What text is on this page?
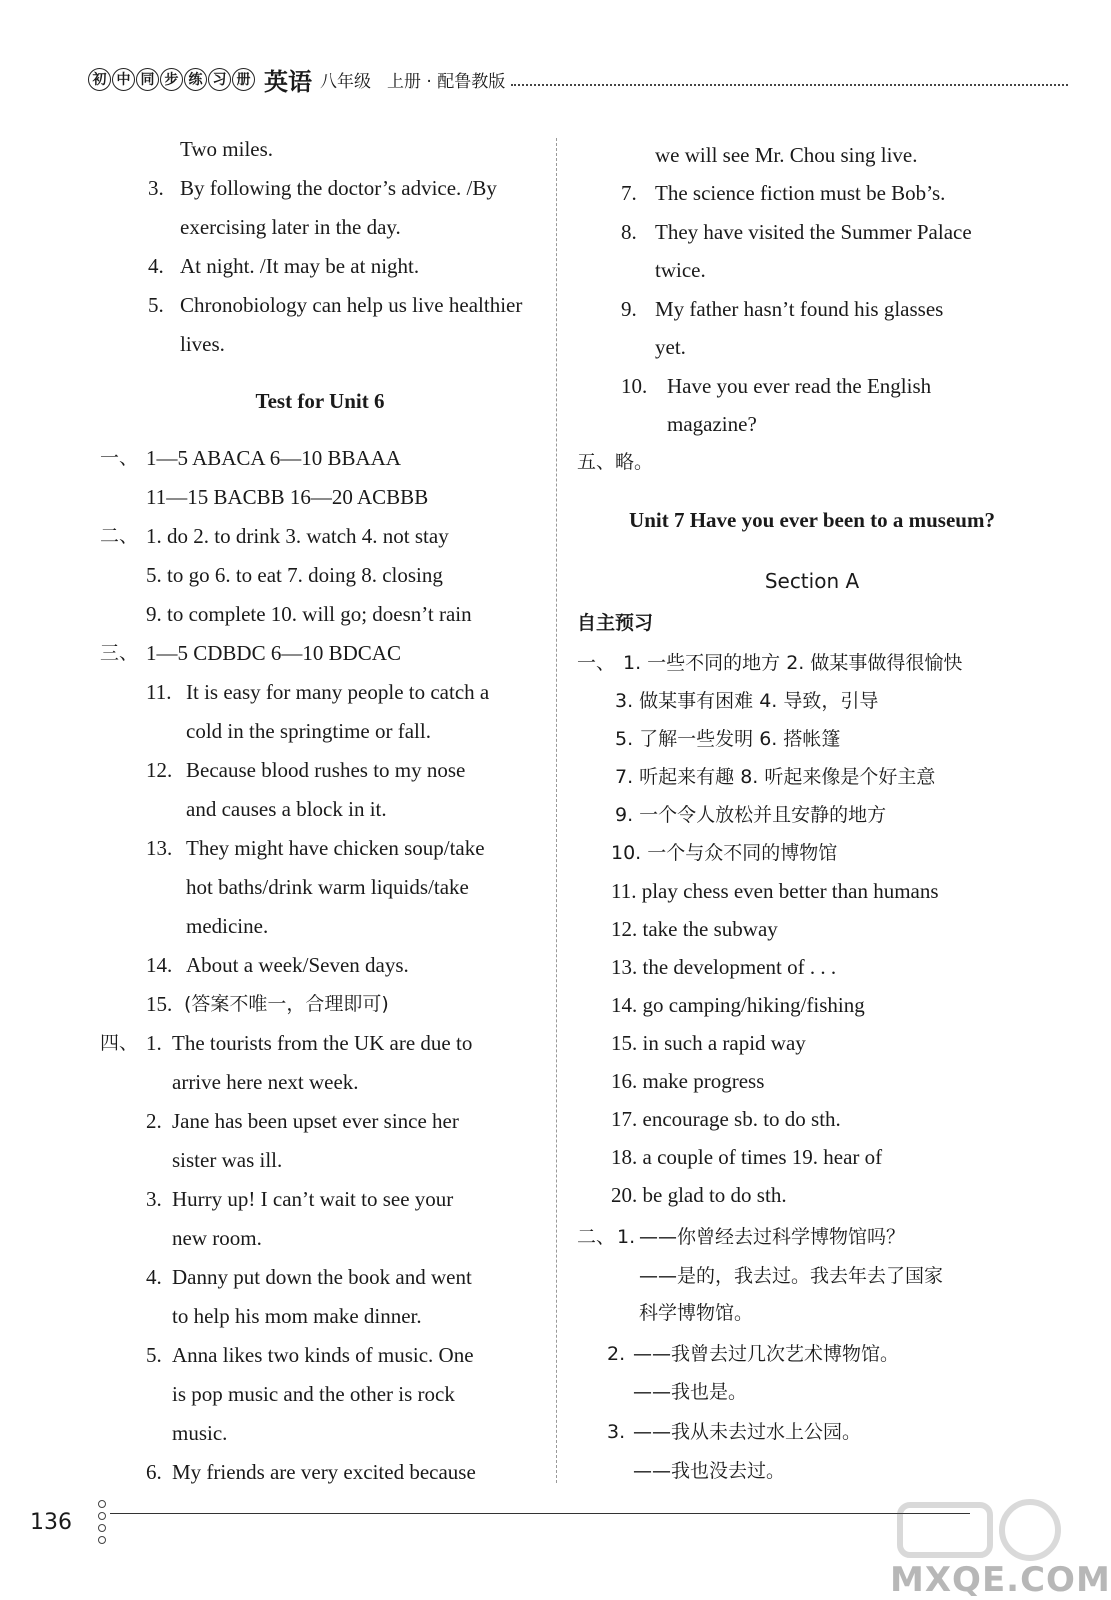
初 中 同 步 练 习 册 英语 八年级 上册 · 配鲁教版
Two miles.
3. By following the doctor’s advice. /By
exercising later in the day.
4. At night. /It may be at night.
5. Chronobiology can help us live healthier
lives.
Test for Unit 6
一、 1—5 ABACA 6—10 BBAAA
11—15 BACBB 16—20 ACBBB
二、 1. do 2. to drink 3. watch 4. not stay
5. to go 6. to eat 7. doing 8. closing
9. to complete 10. will go; doesn’t rain
三、 1—5 CDBDC 6—10 BDCAC
11. It is easy for many people to catch a
cold in the springtime or fall.
12. Because blood rushes to my nose
and causes a block in it.
13. They might have chicken soup/take
hot baths/drink warm liquids/take
medicine.
14. About a week/Seven days.
15. (答案不唯一，合理即可)
四、 1. The tourists from the UK are due to
arrive here next week.
2. Jane has been upset ever since her
sister was ill.
3. Hurry up! I can’t wait to see your
new room.
4. Danny put down the book and went
to help his mom make dinner.
5. Anna likes two kinds of music. One
is pop music and the other is rock
music.
6. My friends are very excited because
we will see Mr. Chou sing live.
7. The science fiction must be Bob’s.
8. They have visited the Summer Palace
twice.
9. My father hasn’t found his glasses
yet.
10. Have you ever read the English
magazine?
五、略。
Unit 7 Have you ever been to a museum?
Section A
自主预习
一、 1. 一些不同的地方 2. 做某事做得很愉快
3. 做某事有困难 4. 导致，引导
5. 了解一些发明 6. 搭帐篷
7. 听起来有趣 8. 听起来像是个好主意
9. 一个令人放松并且安静的地方
10. 一个与众不同的博物馆
11. play chess even better than humans
12. take the subway
13. the development of . . .
14. go camping/hiking/fishing
15. in such a rapid way
16. make progress
17. encourage sb. to do sth.
18. a couple of times 19. hear of
20. be glad to do sth.
二、 1. ——你曾经去过科学博物馆吗？
——是的，我去过。我去年去了国家
科学博物馆。
2. ——我曾去过几次艺术博物馆。
——我也是。
3. ——我从未去过水上公园。
——我也没去过。
136
MXQE.COM
